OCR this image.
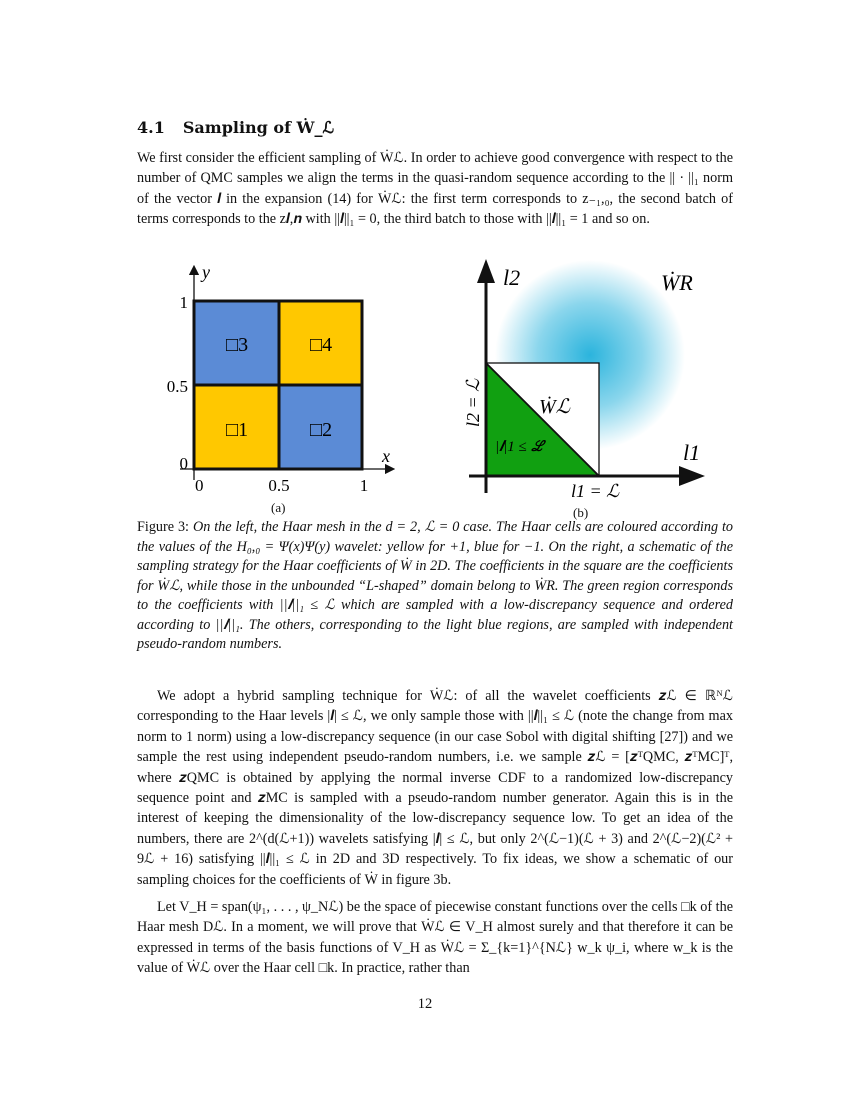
4.1 Sampling of Ẇ_ℒ

We first consider the efficient sampling of Ẇℒ. In order to achieve good convergence with respect to the number of QMC samples we align the terms in the quasi-random sequence according to the || · ||₁ norm of the vector 𝒍 in the expansion (14) for Ẇℒ: the first term corresponds to z₋₁,₀, the second batch of terms corresponds to the z𝒍,𝒏 with ||𝒍||₁ = 0, the third batch to those with ||𝒍||₁ = 1 and so on.

□3	□4
□1	□2
y
x
1
0.5
0
0	0.5	1
(a)
l2
l1
ẆR
Ẇℒ
|𝒍|1 ≤ ℒ
l1 = ℒ
l2 = ℒ
(b)
Figure 3: On the left, the Haar mesh in the d = 2, ℒ = 0 case. The Haar cells are coloured according to the values of the H₀,₀ = Ψ(x)Ψ(y) wavelet: yellow for +1, blue for −1. On the right, a schematic of the sampling strategy for the Haar coefficients of Ẇ in 2D. The coefficients in the square are the coefficients for Ẇℒ, while those in the unbounded “L-shaped” domain belong to ẆR. The green region corresponds to the coefficients with ||𝒍||₁ ≤ ℒ which are sampled with a low-discrepancy sequence and ordered according to ||𝒍||₁. The others, corresponding to the light blue regions, are sampled with independent pseudo-random numbers.

We adopt a hybrid sampling technique for Ẇℒ: of all the wavelet coefficients 𝒛ℒ ∈ ℝᴺℒ corresponding to the Haar levels |𝒍| ≤ ℒ, we only sample those with ||𝒍||₁ ≤ ℒ (note the change from max norm to 1 norm) using a low-discrepancy sequence (in our case Sobol with digital shifting [27]) and we sample the rest using independent pseudo-random numbers, i.e. we sample 𝒛ℒ = [𝒛ᵀQMC, 𝒛ᵀMC]ᵀ, where 𝒛QMC is obtained by applying the normal inverse CDF to a randomized low-discrepancy sequence point and 𝒛MC is sampled with a pseudo-random number generator. Again this is in the interest of keeping the dimensionality of the low-discrepancy sequence low. To get an idea of the numbers, there are 2^(d(ℒ+1)) wavelets satisfying |𝒍| ≤ ℒ, but only 2^(ℒ−1)(ℒ + 3) and 2^(ℒ−2)(ℒ² + 9ℒ + 16) satisfying ||𝒍||₁ ≤ ℒ in 2D and 3D respectively. To fix ideas, we show a schematic of our sampling choices for the coefficients of Ẇ in figure 3b.

Let V_H = span(ψ₁, . . . , ψ_Nℒ) be the space of piecewise constant functions over the cells □k of the Haar mesh Dℒ. In a moment, we will prove that Ẇℒ ∈ V_H almost surely and that therefore it can be expressed in terms of the basis functions of V_H as Ẇℒ = Σ_{k=1}^{Nℒ} w_k ψ_i, where w_k is the value of Ẇℒ over the Haar cell □k. In practice, rather than

12
